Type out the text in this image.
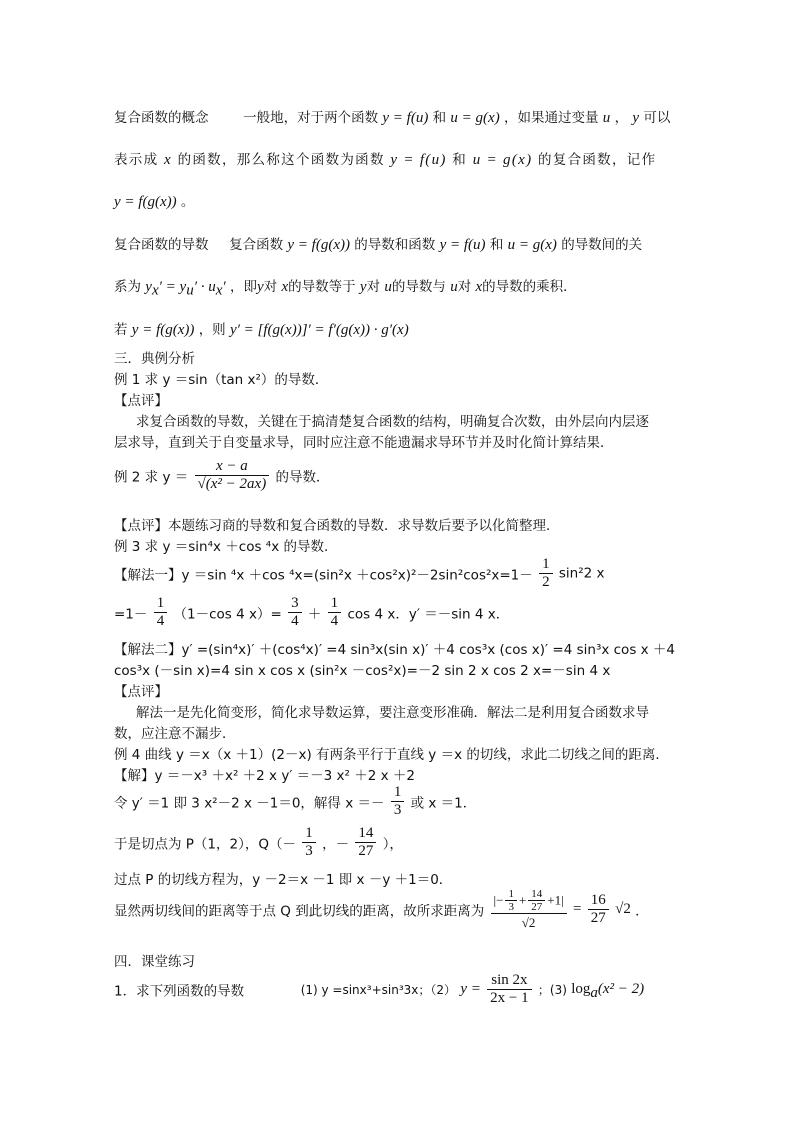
复合函数的概念	一般地，对于两个函数 y = f(u) 和 u = g(x) ，如果通过变量 u ， y 可以
表示成 x 的函数，那么称这个函数为函数 y = f(u) 和 u = g(x) 的复合函数，记作
y = f(g(x)) 。
复合函数的导数 复合函数 y = f(g(x)) 的导数和函数 y = f(u) 和 u = g(x) 的导数间的关
系为 $y_x' = y_u' \cdot u_x'$ ，即y对 x的导数等于 y对 u的导数与 u对 x的导数的乘积．
若 y = f(g(x)) ，则 y′ = [f(g(x))]′ = f′(g(x)) · g′(x)
三．典例分析
例 1 求 y ＝sin（tan x²）的导数．
【点评】
求复合函数的导数，关键在于搞清楚复合函数的结构，明确复合次数，由外层向内层逐
层求导，直到关于自变量求导，同时应注意不能遗漏求导环节并及时化简计算结果．
例 2 求 $y = \frac{x - a}{\text{√(x² − 2ax)}}$ 的导数．
【点评】本题练习商的导数和复合函数的导数．求导数后要予以化简整理．
例 3 求 y ＝sin⁴x ＋cos ⁴x 的导数．
【解法一】y ＝sin ⁴x ＋cos $^4x=(\sin^2x +\cos^2x)^2-2\sin^2\cos^2x=1- \frac{1}{2} \sin^22$ x
$=1- \frac{1}{4} (1-\cos$ 4 $x)= \frac{3}{4} + \frac{1}{4}$ cos 4 x．y′ ＝－sin 4 x．
【解法二】y′ =(sin⁴x)′ ＋(cos⁴x)′ =4 sin³x(sin x)′ ＋4 cos³x (cos x)′ =4 sin³x cos x ＋4
cos³x (－sin x)=4 sin x cos x (sin²x －cos²x)=－2 sin 2 x cos 2 x=－sin 4 x
【点评】
解法一是先化简变形，简化求导数运算，要注意变形准确．解法二是利用复合函数求导
数，应注意不漏步．
例 4 曲线 y ＝x（x ＋1）(2－x) 有两条平行于直线 y ＝x 的切线，求此二切线之间的距离．
【解】y ＝－x³ ＋x² ＋2 x y′ ＝－3 x² ＋2 x ＋2
令 y′ ＝1 即 3 x²－2 x －1＝0，解得 $x =- \frac{1}{3}$ 或 x ＝1．
于是切点为 P（1，2），$Q(- \frac{1}{3}$ ，－ $\frac{14}{27}$ ），
过点 P 的切线方程为，y －2＝x －1 即 x －y ＋1＝0．
显然两切线间的距离等于点 Q 到此切线的距离，故所求距离为 $\frac{|- \frac{1}{3} + \frac{14}{27} +1|}{√2} = \frac{16}{27} √2$ ．
四．课堂练习
1．求下列函数的导数	(1) y =sinx³+sin³3x；（2） $y = \frac{\sin 2x}{2x - 1}$ ；(3) $\log_a(x^2 - 2)$
